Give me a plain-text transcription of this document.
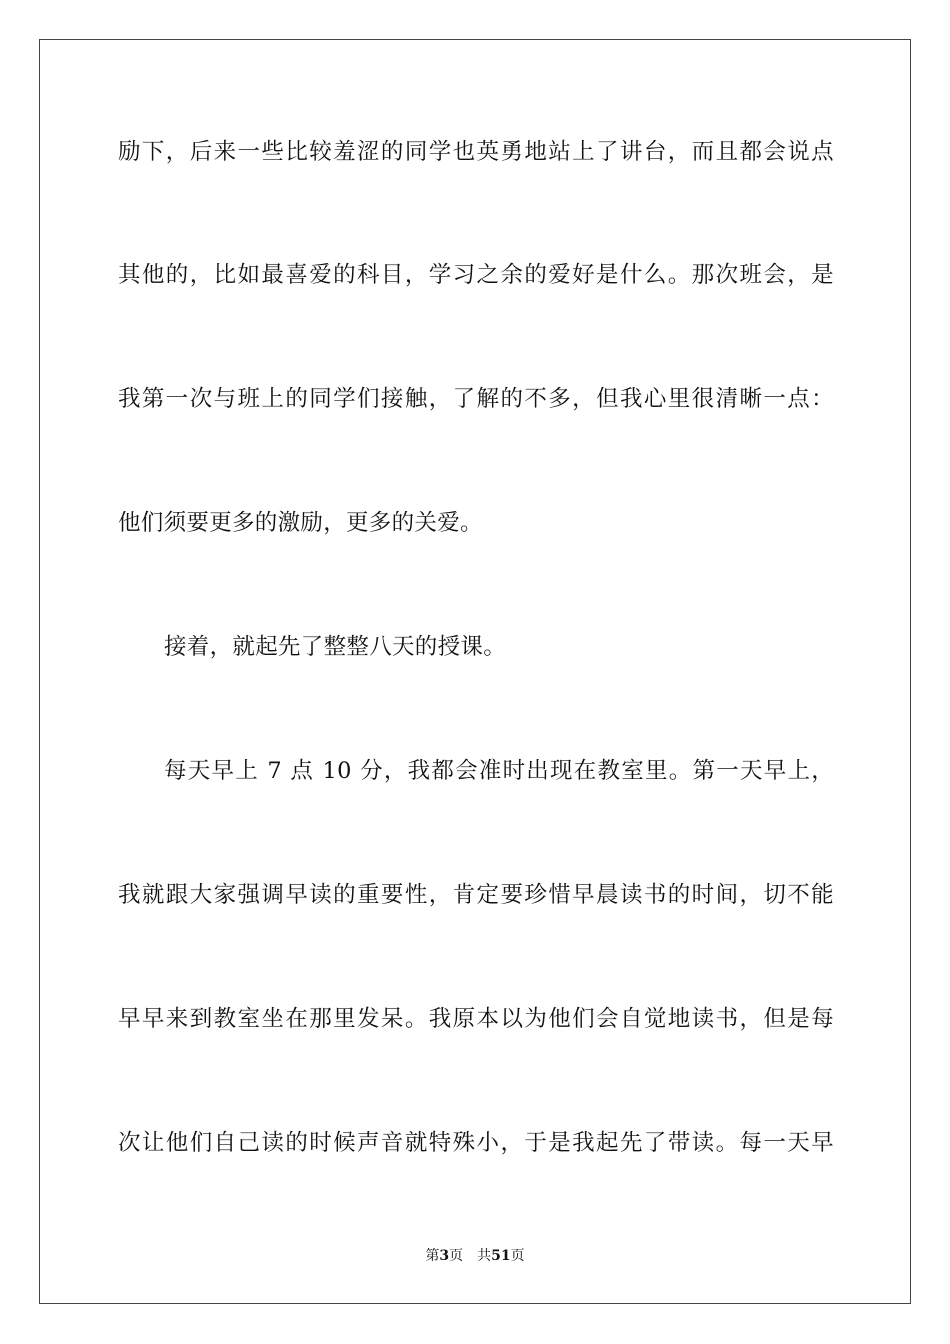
励下，后来一些比较羞涩的同学也英勇地站上了讲台，而且都会说点
其他的，比如最喜爱的科目，学习之余的爱好是什么。那次班会，是
我第一次与班上的同学们接触，了解的不多，但我心里很清晰一点：
他们须要更多的激励，更多的关爱。
接着，就起先了整整八天的授课。
每天早上 7 点 10 分，我都会准时出现在教室里。第一天早上，
我就跟大家强调早读的重要性，肯定要珍惜早晨读书的时间，切不能
早早来到教室坐在那里发呆。我原本以为他们会自觉地读书，但是每
次让他们自己读的时候声音就特殊小，于是我起先了带读。每一天早
第3页 共51页
